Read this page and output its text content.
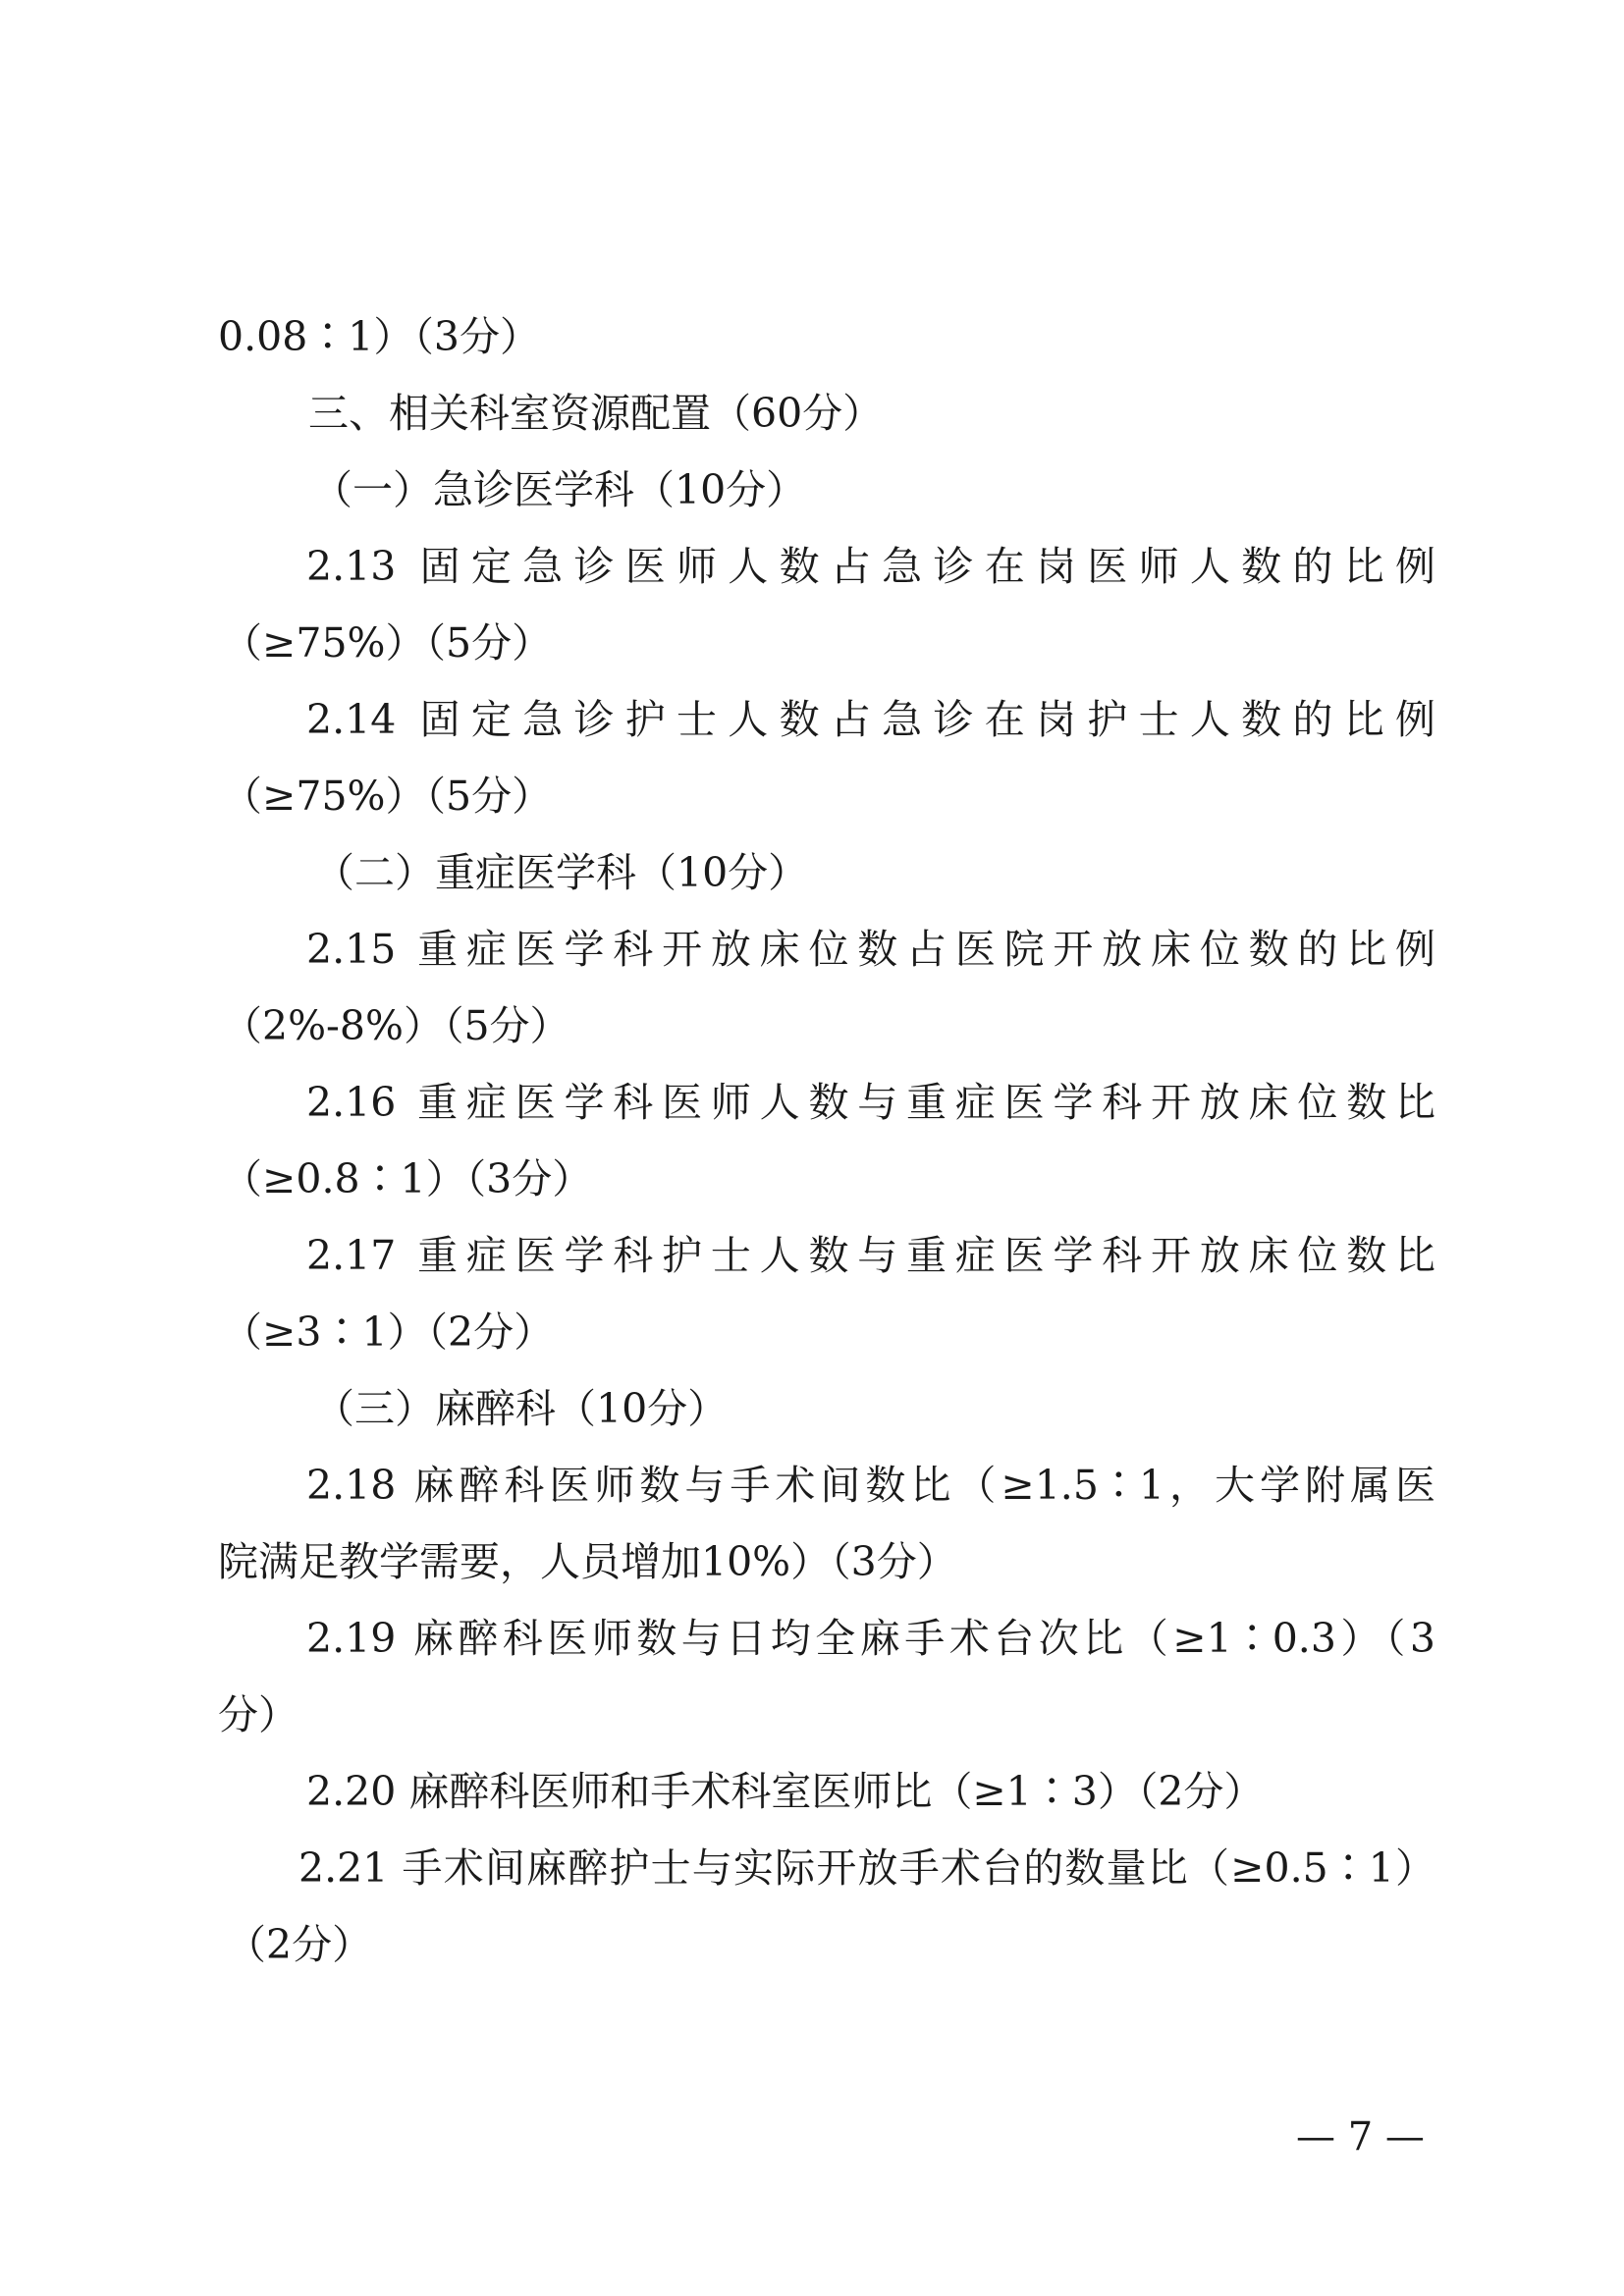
0.08∶1）（3分）
三、相关科室资源配置（60分）
（一）急诊医学科（10分）
2.13 固定急诊医师人数占急诊在岗医师人数的比例
（≥75%）（5分）
2.14 固定急诊护士人数占急诊在岗护士人数的比例
（≥75%）（5分）
（二）重症医学科（10分）
2.15 重症医学科开放床位数占医院开放床位数的比例
（2%-8%）（5分）
2.16 重症医学科医师人数与重症医学科开放床位数比
（≥0.8∶1）（3分）
2.17 重症医学科护士人数与重症医学科开放床位数比
（≥3∶1）（2分）
（三）麻醉科（10分）
2.18 麻醉科医师数与手术间数比（≥1.5∶1，大学附属医
院满足教学需要，人员增加10%）（3分）
2.19 麻醉科医师数与日均全麻手术台次比（≥1∶0.3）（3
分）
2.20 麻醉科医师和手术科室医师比（≥1∶3）（2分）
2.21 手术间麻醉护士与实际开放手术台的数量比（≥0.5∶1）
（2分）
— 7 —
